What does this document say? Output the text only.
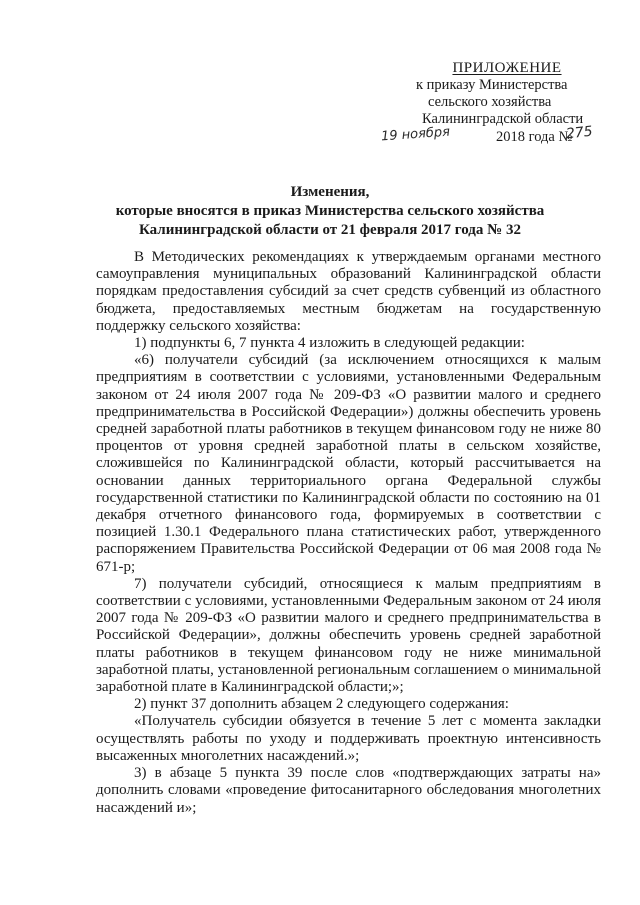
ПРИЛОЖЕНИЕ
к приказу Министерства
сельского хозяйства
Калининградской области
19 ноября	2018 года №
275
Изменения,
которые вносятся в приказ Министерства сельского хозяйства
Калининградской области от 21 февраля 2017 года № 32

В Методических рекомендациях к утверждаемым органами местного самоуправления муниципальных образований Калининградской области порядкам предоставления субсидий за счет средств субвенций из областного бюджета, предоставляемых местным бюджетам на государственную поддержку сельского хозяйства:

1) подпункты 6, 7 пункта 4 изложить в следующей редакции:

«6) получатели субсидий (за исключением относящихся к малым предприятиям в соответствии с условиями, установленными Федеральным законом от 24 июля 2007 года № 209-ФЗ «О развитии малого и среднего предпринимательства в Российской Федерации») должны обеспечить уровень средней заработной платы работников в текущем финансовом году не ниже 80 процентов от уровня средней заработной платы в сельском хозяйстве, сложившейся по Калининградской области, который рассчитывается на основании данных территориального органа Федеральной службы государственной статистики по Калининградской области по состоянию на 01 декабря отчетного финансового года, формируемых в соответствии с позицией 1.30.1 Федерального плана статистических работ, утвержденного распоряжением Правительства Российской Федерации от 06 мая 2008 года № 671-р;

7) получатели субсидий, относящиеся к малым предприятиям в соответствии с условиями, установленными Федеральным законом от 24 июля 2007 года № 209-ФЗ «О развитии малого и среднего предпринимательства в Российской Федерации», должны обеспечить уровень средней заработной платы работников в текущем финансовом году не ниже минимальной заработной платы, установленной региональным соглашением о минимальной заработной плате в Калининградской области;»;

2) пункт 37 дополнить абзацем 2 следующего содержания:

«Получатель субсидии обязуется в течение 5 лет с момента закладки осуществлять работы по уходу и поддерживать проектную интенсивность высаженных многолетних насаждений.»;

3) в абзаце 5 пункта 39 после слов «подтверждающих затраты на» дополнить словами «проведение фитосанитарного обследования многолетних насаждений и»;
